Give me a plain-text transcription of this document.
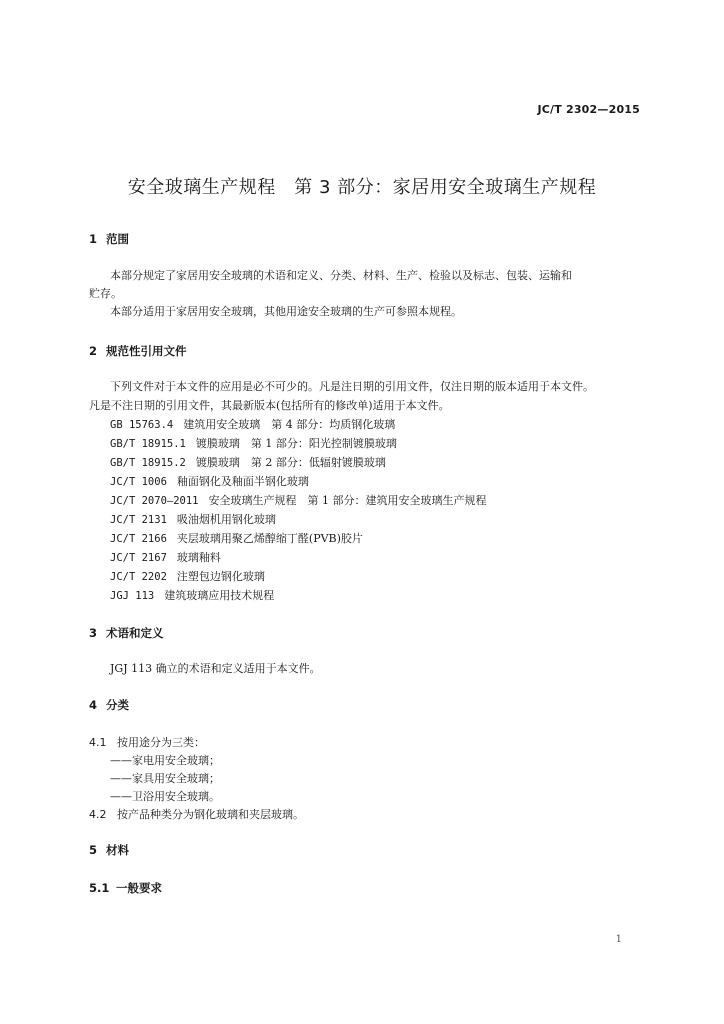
JC/T 2302—2015
安全玻璃生产规程　第 3 部分：家居用安全玻璃生产规程
1 范围
本部分规定了家居用安全玻璃的术语和定义、分类、材料、生产、检验以及标志、包装、运输和
贮存。
本部分适用于家居用安全玻璃，其他用途安全玻璃的生产可参照本规程。
2 规范性引用文件
下列文件对于本文件的应用是必不可少的。凡是注日期的引用文件，仅注日期的版本适用于本文件。
凡是不注日期的引用文件，其最新版本(包括所有的修改单)适用于本文件。
GB 15763.4 建筑用安全玻璃　第 4 部分：均质钢化玻璃
GB/T 18915.1 镀膜玻璃　第 1 部分：阳光控制镀膜玻璃
GB/T 18915.2 镀膜玻璃　第 2 部分：低辐射镀膜玻璃
JC/T 1006 釉面钢化及釉面半钢化玻璃
JC/T 2070—2011 安全玻璃生产规程　第 1 部分：建筑用安全玻璃生产规程
JC/T 2131 吸油烟机用钢化玻璃
JC/T 2166 夹层玻璃用聚乙烯醇缩丁醛(PVB)胶片
JC/T 2167 玻璃釉料
JC/T 2202 注塑包边钢化玻璃
JGJ 113 建筑玻璃应用技术规程
3 术语和定义
JGJ 113 确立的术语和定义适用于本文件。
4 分类
4.1 按用途分为三类：
——家电用安全玻璃；
——家具用安全玻璃；
——卫浴用安全玻璃。
4.2 按产品种类分为钢化玻璃和夹层玻璃。
5 材料
5.1 一般要求
1
